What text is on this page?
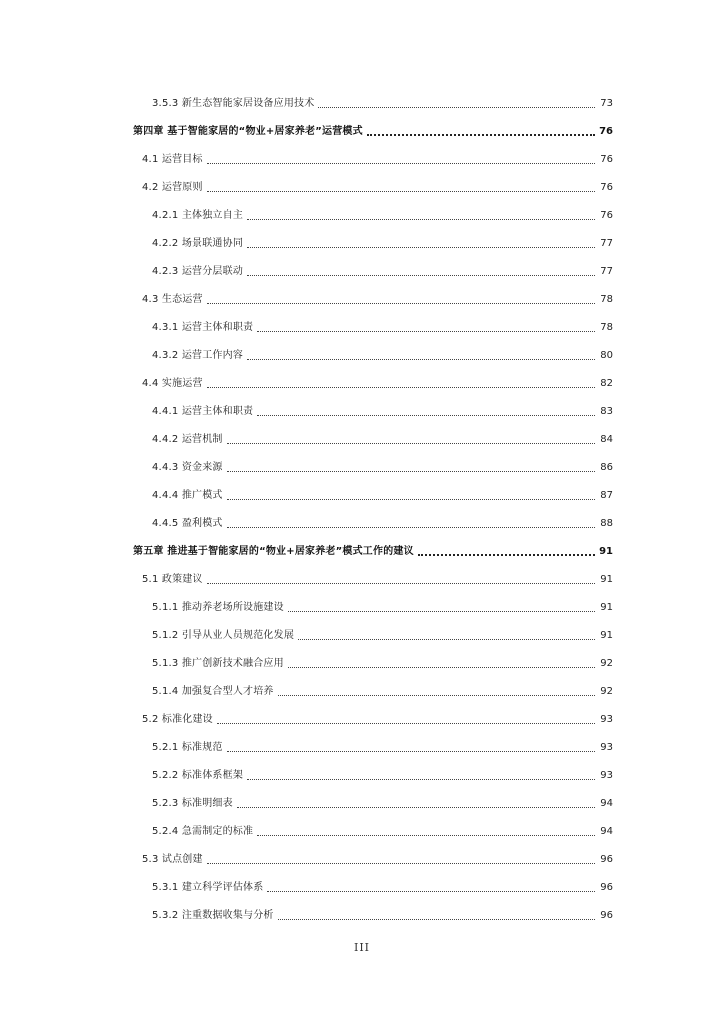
3.5.3 新生态智能家居设备应用技术	73
第四章 基于智能家居的“物业+居家养老”运营模式	76
4.1 运营目标	76
4.2 运营原则	76
4.2.1 主体独立自主	76
4.2.2 场景联通协同	77
4.2.3 运营分层联动	77
4.3 生态运营	78
4.3.1 运营主体和职责	78
4.3.2 运营工作内容	80
4.4 实施运营	82
4.4.1 运营主体和职责	83
4.4.2 运营机制	84
4.4.3 资金来源	86
4.4.4 推广模式	87
4.4.5 盈利模式	88
第五章 推进基于智能家居的“物业+居家养老”模式工作的建议	91
5.1 政策建议	91
5.1.1 推动养老场所设施建设	91
5.1.2 引导从业人员规范化发展	91
5.1.3 推广创新技术融合应用	92
5.1.4 加强复合型人才培养	92
5.2 标准化建设	93
5.2.1 标准规范	93
5.2.2 标准体系框架	93
5.2.3 标准明细表	94
5.2.4 急需制定的标准	94
5.3 试点创建	96
5.3.1 建立科学评估体系	96
5.3.2 注重数据收集与分析	96
III
